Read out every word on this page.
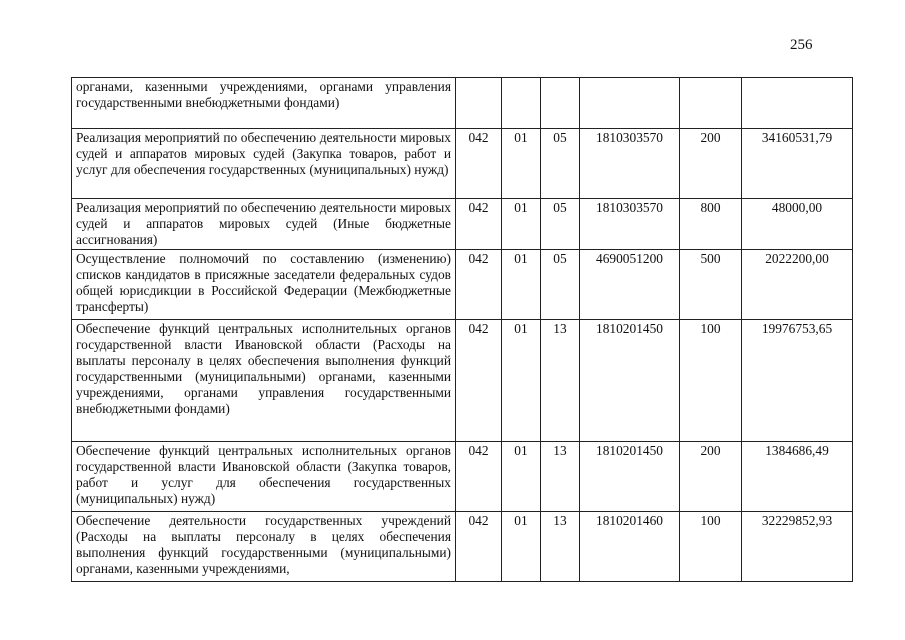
256
органами, казенными учреждениями, органами управления государственными внебюджетными фондами)						
Реализация мероприятий по обеспечению деятельности мировых судей и аппаратов мировых судей (Закупка товаров, работ и услуг для обеспечения государственных (муниципальных) нужд)	042	01	05	1810303570	200	34160531,79
Реализация мероприятий по обеспечению деятельности мировых судей и аппаратов мировых судей (Иные бюджетные ассигнования)	042	01	05	1810303570	800	48000,00
Осуществление полномочий по составлению (изменению) списков кандидатов в присяжные заседатели федеральных судов общей юрисдикции в Российской Федерации (Межбюджетные трансферты)	042	01	05	4690051200	500	2022200,00
Обеспечение функций центральных исполнительных органов государственной власти Ивановской области (Расходы на выплаты персоналу в целях обеспечения выполнения функций государственными (муниципальными) органами, казенными учреждениями, органами управления государственными внебюджетными фондами)	042	01	13	1810201450	100	19976753,65
Обеспечение функций центральных исполнительных органов государственной власти Ивановской области (Закупка товаров, работ и услуг для обеспечения государственных (муниципальных) нужд)	042	01	13	1810201450	200	1384686,49
Обеспечение деятельности государственных учреждений (Расходы на выплаты персоналу в целях обеспечения выполнения функций государственными (муниципальными) органами, казенными учреждениями,	042	01	13	1810201460	100	32229852,93
